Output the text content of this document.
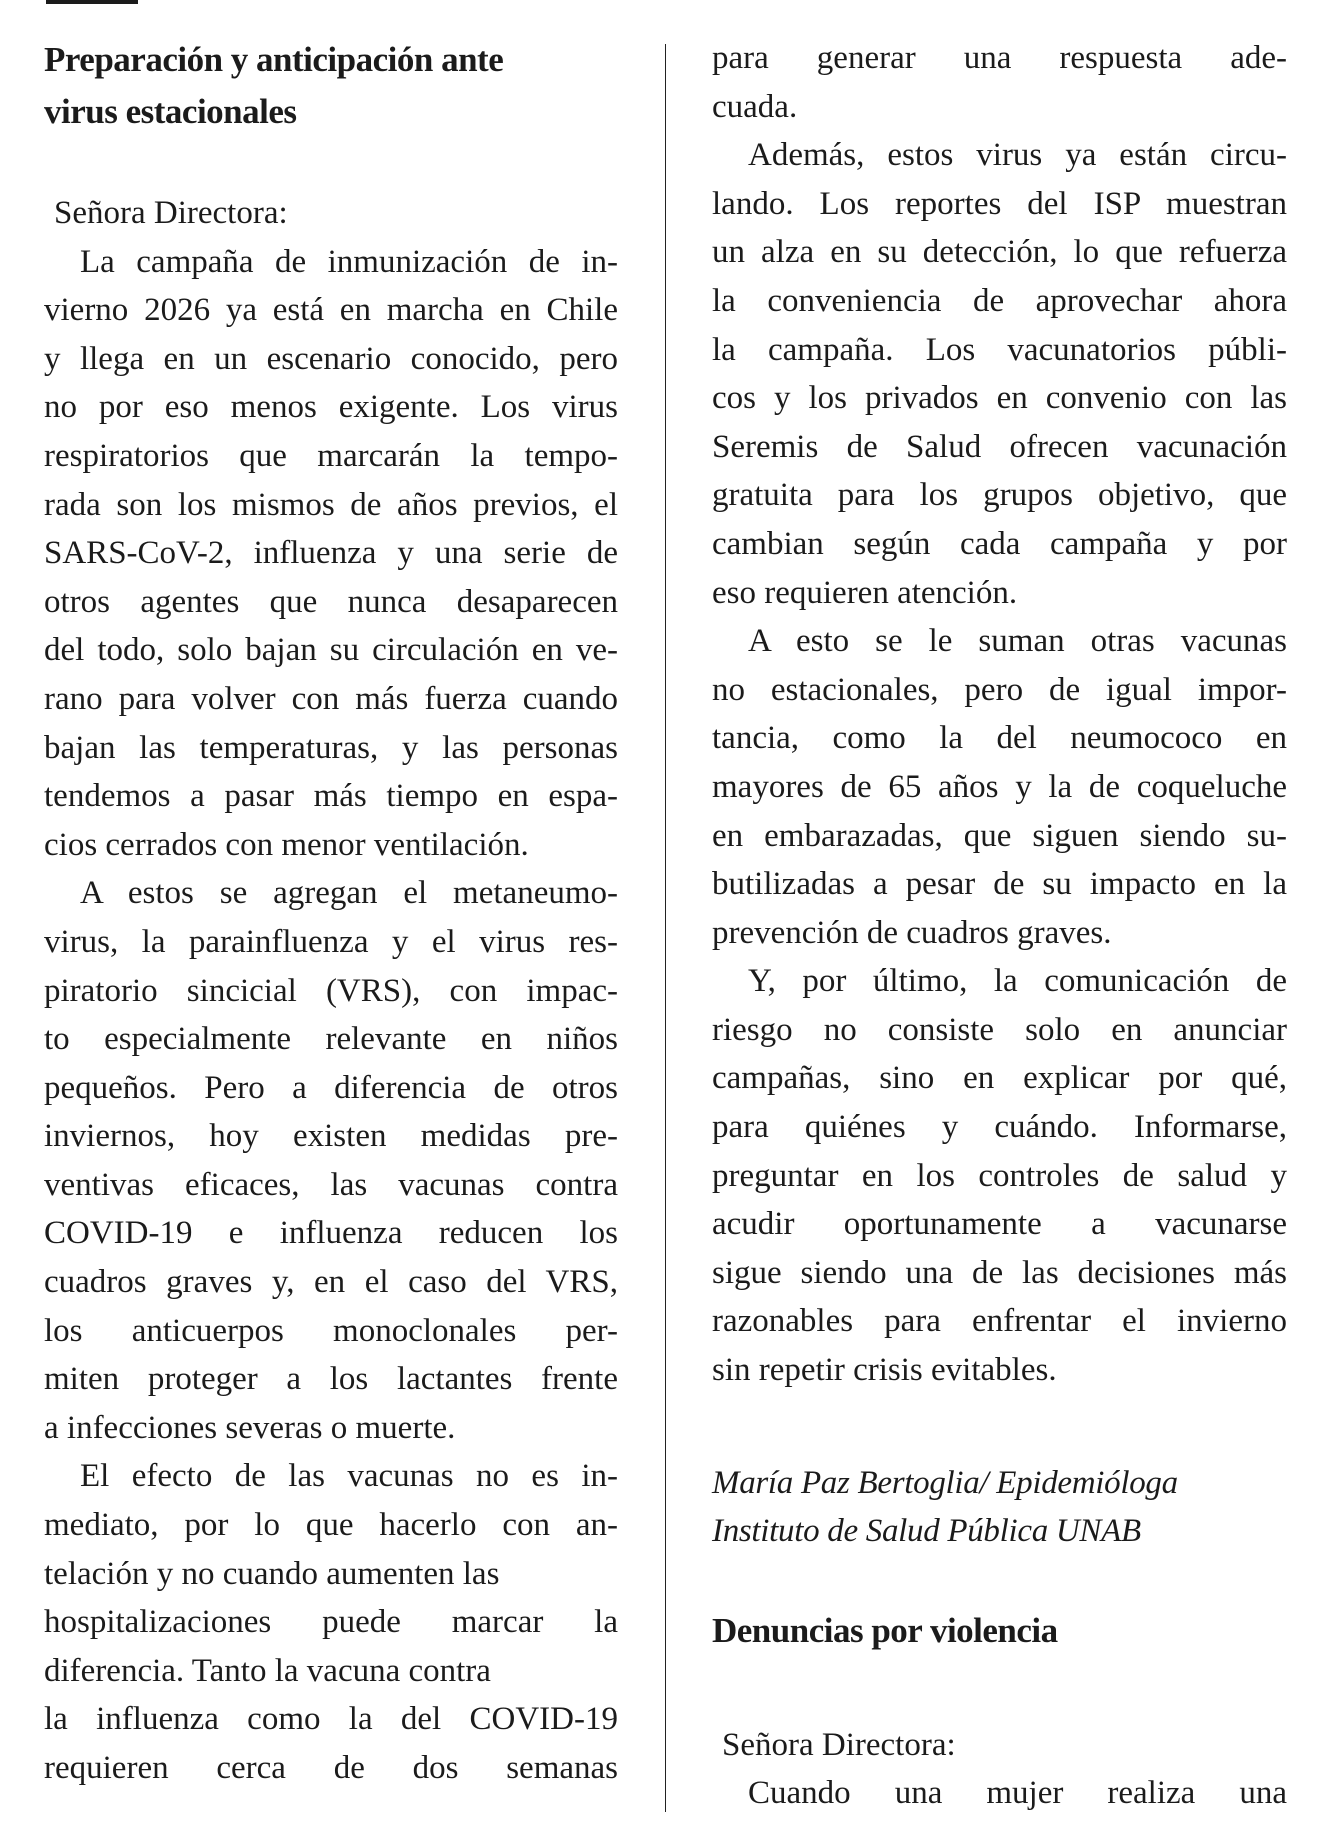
Preparación y anticipación ante
virus estacionales
Señora Directora:
La campaña de inmunización de in-
vierno 2026 ya está en marcha en Chile
y llega en un escenario conocido, pero
no por eso menos exigente. Los virus
respiratorios que marcarán la tempo-
rada son los mismos de años previos, el
SARS-CoV-2, influenza y una serie de
otros agentes que nunca desaparecen
del todo, solo bajan su circulación en ve-
rano para volver con más fuerza cuando
bajan las temperaturas, y las personas
tendemos a pasar más tiempo en espa-
cios cerrados con menor ventilación.
A estos se agregan el metaneumo-
virus, la parainfluenza y el virus res-
piratorio sincicial (VRS), con impac-
to especialmente relevante en niños
pequeños. Pero a diferencia de otros
inviernos, hoy existen medidas pre-
ventivas eficaces, las vacunas contra
COVID-19 e influenza reducen los
cuadros graves y, en el caso del VRS,
los anticuerpos monoclonales per-
miten proteger a los lactantes frente
a infecciones severas o muerte.
El efecto de las vacunas no es in-
mediato, por lo que hacerlo con an-
telación y no cuando aumenten las
hospitalizaciones puede marcar la
diferencia. Tanto la vacuna contra
la influenza como la del COVID-19
requieren cerca de dos semanas
para generar una respuesta ade-
cuada.
Además, estos virus ya están circu-
lando. Los reportes del ISP muestran
un alza en su detección, lo que refuerza
la conveniencia de aprovechar ahora
la campaña. Los vacunatorios públi-
cos y los privados en convenio con las
Seremis de Salud ofrecen vacunación
gratuita para los grupos objetivo, que
cambian según cada campaña y por
eso requieren atención.
A esto se le suman otras vacunas
no estacionales, pero de igual impor-
tancia, como la del neumococo en
mayores de 65 años y la de coqueluche
en embarazadas, que siguen siendo su-
butilizadas a pesar de su impacto en la
prevención de cuadros graves.
Y, por último, la comunicación de
riesgo no consiste solo en anunciar
campañas, sino en explicar por qué,
para quiénes y cuándo. Informarse,
preguntar en los controles de salud y
acudir oportunamente a vacunarse
sigue siendo una de las decisiones más
razonables para enfrentar el invierno
sin repetir crisis evitables.
María Paz Bertoglia/ Epidemióloga
Instituto de Salud Pública UNAB
Denuncias por violencia
Señora Directora:
Cuando una mujer realiza una
